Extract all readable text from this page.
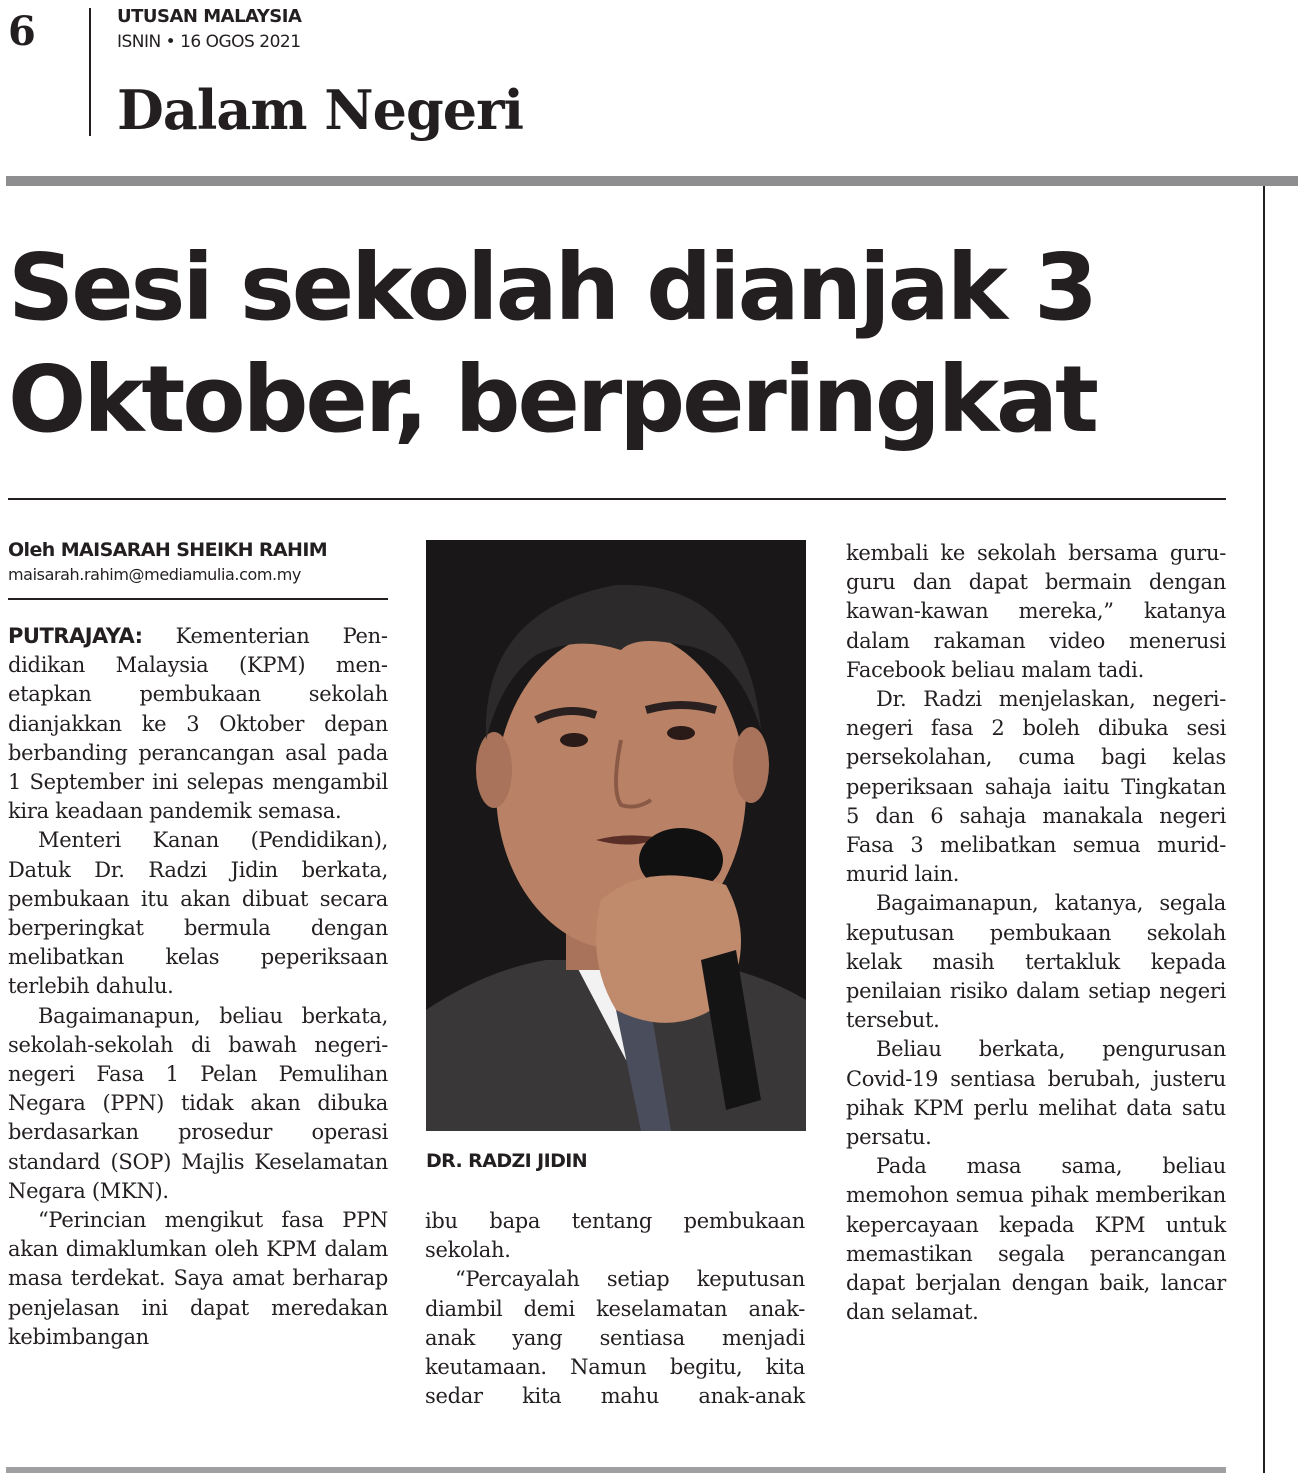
6	UTUSAN MALAYSIA
ISNIN • 16 OGOS 2021
Dalam Negeri
Sesi sekolah dianjak 3
Oktober, berperingkat
Oleh MAISARAH SHEIKH RAHIM
maisarah.rahim@mediamulia.com.my

PUTRAJAYA: Kementerian Pendidikan Malaysia (KPM) menetapkan pembukaan sekolah dianjakkan ke 3 Oktober depan berbanding perancangan asal pada 1 September ini selepas mengambil kira keadaan pandemik semasa.

Menteri Kanan (Pendidikan), Datuk Dr. Radzi Jidin berkata, pembukaan itu akan dibuat secara berperingkat bermula dengan melibatkan kelas peperiksaan terlebih dahulu.

Bagaimanapun, beliau berkata, sekolah-sekolah di bawah negeri-negeri Fasa 1 Pelan Pemulihan Negara (PPN) tidak akan dibuka berdasarkan prosedur operasi standard (SOP) Majlis Keselamatan Negara (MKN).

“Perincian mengikut fasa PPN akan dimaklumkan oleh KPM dalam masa terdekat. Saya amat berharap penjelasan ini dapat meredakan kebimbangan

DR. RADZI JIDIN

ibu bapa tentang pembukaan sekolah.

“Percayalah setiap keputusan diambil demi keselamatan anak-anak yang sentiasa menjadi keutamaan. Namun begitu, kita sedar kita mahu anak-anak

kembali ke sekolah bersama guru-guru dan dapat bermain dengan kawan-kawan mereka,” katanya dalam rakaman video menerusi Facebook beliau malam tadi.

Dr. Radzi menjelaskan, negeri-negeri fasa 2 boleh dibuka sesi persekolahan, cuma bagi kelas peperiksaan sahaja iaitu Tingkatan 5 dan 6 sahaja manakala negeri Fasa 3 melibatkan semua murid-murid lain.

Bagaimanapun, katanya, segala keputusan pembukaan sekolah kelak masih tertakluk kepada penilaian risiko dalam setiap negeri tersebut.

Beliau berkata, pengurusan Covid-19 sentiasa berubah, justeru pihak KPM perlu melihat data satu persatu.

Pada masa sama, beliau memohon semua pihak memberikan kepercayaan kepada KPM untuk memastikan segala perancangan dapat berjalan dengan baik, lancar dan selamat.
